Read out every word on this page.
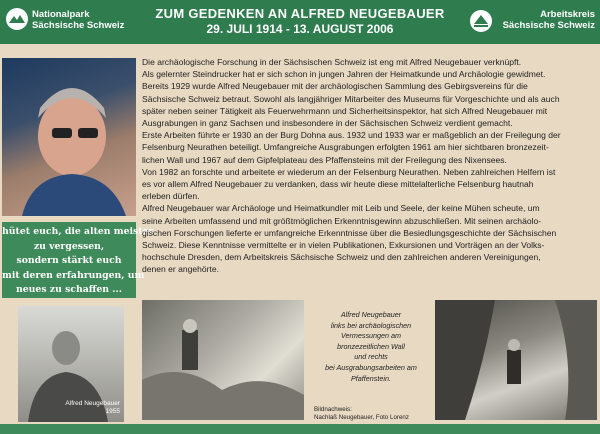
Nationalpark
Sächsische Schweiz
ZUM GEDENKEN AN ALFRED NEUGEBAUER
29. JULI 1914 - 13. AUGUST 2006
Arbeitskreis
Sächsische Schweiz
hütet euch, die alten meister
zu vergessen,
sondern stärkt euch
mit deren erfahrungen, um
neues zu schaffen ...

Die archäologische Forschung in der Sächsischen Schweiz ist eng mit Alfred Neugebauer verknüpft.

Als gelernter Steindrucker hat er sich schon in jungen Jahren der Heimatkunde und Archäologie gewidmet.

Bereits 1929 wurde Alfred Neugebauer mit der archäologischen Sammlung des Gebirgsvereins für die

Sächsische Schweiz betraut. Sowohl als langjähriger Mitarbeiter des Museums für Vorgeschichte und als auch

später neben seiner Tätigkeit als Feuerwehrmann und Sicherheitsinspektor, hat sich Alfred Neugebauer mit

Ausgrabungen in ganz Sachsen und insbesondere in der Sächsischen Schweiz verdient gemacht.

Erste Arbeiten führte er 1930 an der Burg Dohna aus. 1932 und 1933 war er maßgeblich an der Freilegung der

Felsenburg Neurathen beteiligt. Umfangreiche Ausgrabungen erfolgten 1961 am hier sichtbaren bronzezeit-

lichen Wall und 1967 auf dem Gipfelplateau des Pfaffensteins mit der Freilegung des Nixensees.

Von 1982 an forschte und arbeitete er wiederum an der Felsenburg Neurathen. Neben zahlreichen Helfern ist

es vor allem Alfred Neugebauer zu verdanken, dass wir heute diese mittelalterliche Felsenburg hautnah

erleben dürfen.

Alfred Neugebauer war Archäologe und Heimatkundler mit Leib und Seele, der keine Mühen scheute, um

seine Arbeiten umfassend und mit größtmöglichen Erkenntnisgewinn abzuschließen. Mit seinen archäolo-

gischen Forschungen lieferte er umfangreiche Erkenntnisse über die Besiedlungsgeschichte der Sächsischen

Schweiz. Diese Kenntnisse vermittelte er in vielen Publikationen, Exkursionen und Vorträgen an der Volks-

hochschule Dresden, dem Arbeitskreis Sächsische Schweiz und den zahlreichen anderen Vereinigungen,

denen er angehörte.

Alfred Neugebauer
1955
Alfred Neugebauer
links bei archäologischen
Vermessungen am
bronzezeitlichen Wall
und rechts
bei Ausgrabungsarbeiten am
Pfaffenstein.
Bildnachweis:
Nachlaß Neugebauer, Foto Lorenz
